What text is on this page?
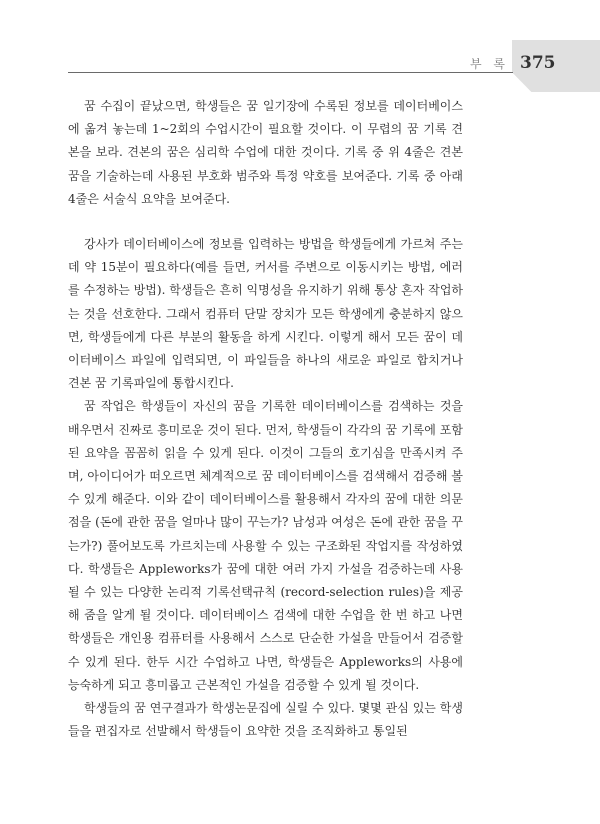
부 록 375

꿈 수집이 끝났으면, 학생들은 꿈 일기장에 수록된 정보를 데이터베이스에 옮겨 놓는데 1~2회의 수업시간이 필요할 것이다. 이 무렵의 꿈 기록 견본을 보라. 견본의 꿈은 심리학 수업에 대한 것이다. 기록 중 위 4줄은 견본 꿈을 기술하는데 사용된 부호화 범주와 특정 약호를 보여준다. 기록 중 아래 4줄은 서술식 요약을 보여준다.

강사가 데이터베이스에 정보를 입력하는 방법을 학생들에게 가르쳐 주는데 약 15분이 필요하다(예를 들면, 커서를 주변으로 이동시키는 방법, 에러를 수정하는 방법). 학생들은 흔히 익명성을 유지하기 위해 통상 혼자 작업하는 것을 선호한다. 그래서 컴퓨터 단말 장치가 모든 학생에게 충분하지 않으면, 학생들에게 다른 부분의 활동을 하게 시킨다. 이렇게 해서 모든 꿈이 데이터베이스 파일에 입력되면, 이 파일들을 하나의 새로운 파일로 합치거나 견본 꿈 기록파일에 통합시킨다.

꿈 작업은 학생들이 자신의 꿈을 기록한 데이터베이스를 검색하는 것을 배우면서 진짜로 흥미로운 것이 된다. 먼저, 학생들이 각각의 꿈 기록에 포함된 요약을 꼼꼼히 읽을 수 있게 된다. 이것이 그들의 호기심을 만족시켜 주며, 아이디어가 떠오르면 체계적으로 꿈 데이터베이스를 검색해서 검증해 볼 수 있게 해준다. 이와 같이 데이터베이스를 활용해서 각자의 꿈에 대한 의문점을 (돈에 관한 꿈을 얼마나 많이 꾸는가? 남성과 여성은 돈에 관한 꿈을 꾸는가?) 풀어보도록 가르치는데 사용할 수 있는 구조화된 작업지를 작성하였다. 학생들은 Appleworks가 꿈에 대한 여러 가지 가설을 검증하는데 사용될 수 있는 다양한 논리적 기록선택규칙 (record-selection rules)을 제공해 줌을 알게 될 것이다. 데이터베이스 검색에 대한 수업을 한 번 하고 나면 학생들은 개인용 컴퓨터를 사용해서 스스로 단순한 가설을 만들어서 검증할 수 있게 된다. 한두 시간 수업하고 나면, 학생들은 Appleworks의 사용에 능숙하게 되고 흥미롭고 근본적인 가설을 검증할 수 있게 될 것이다.

학생들의 꿈 연구결과가 학생논문집에 실릴 수 있다. 몇몇 관심 있는 학생들을 편집자로 선발해서 학생들이 요약한 것을 조직화하고 통일된
